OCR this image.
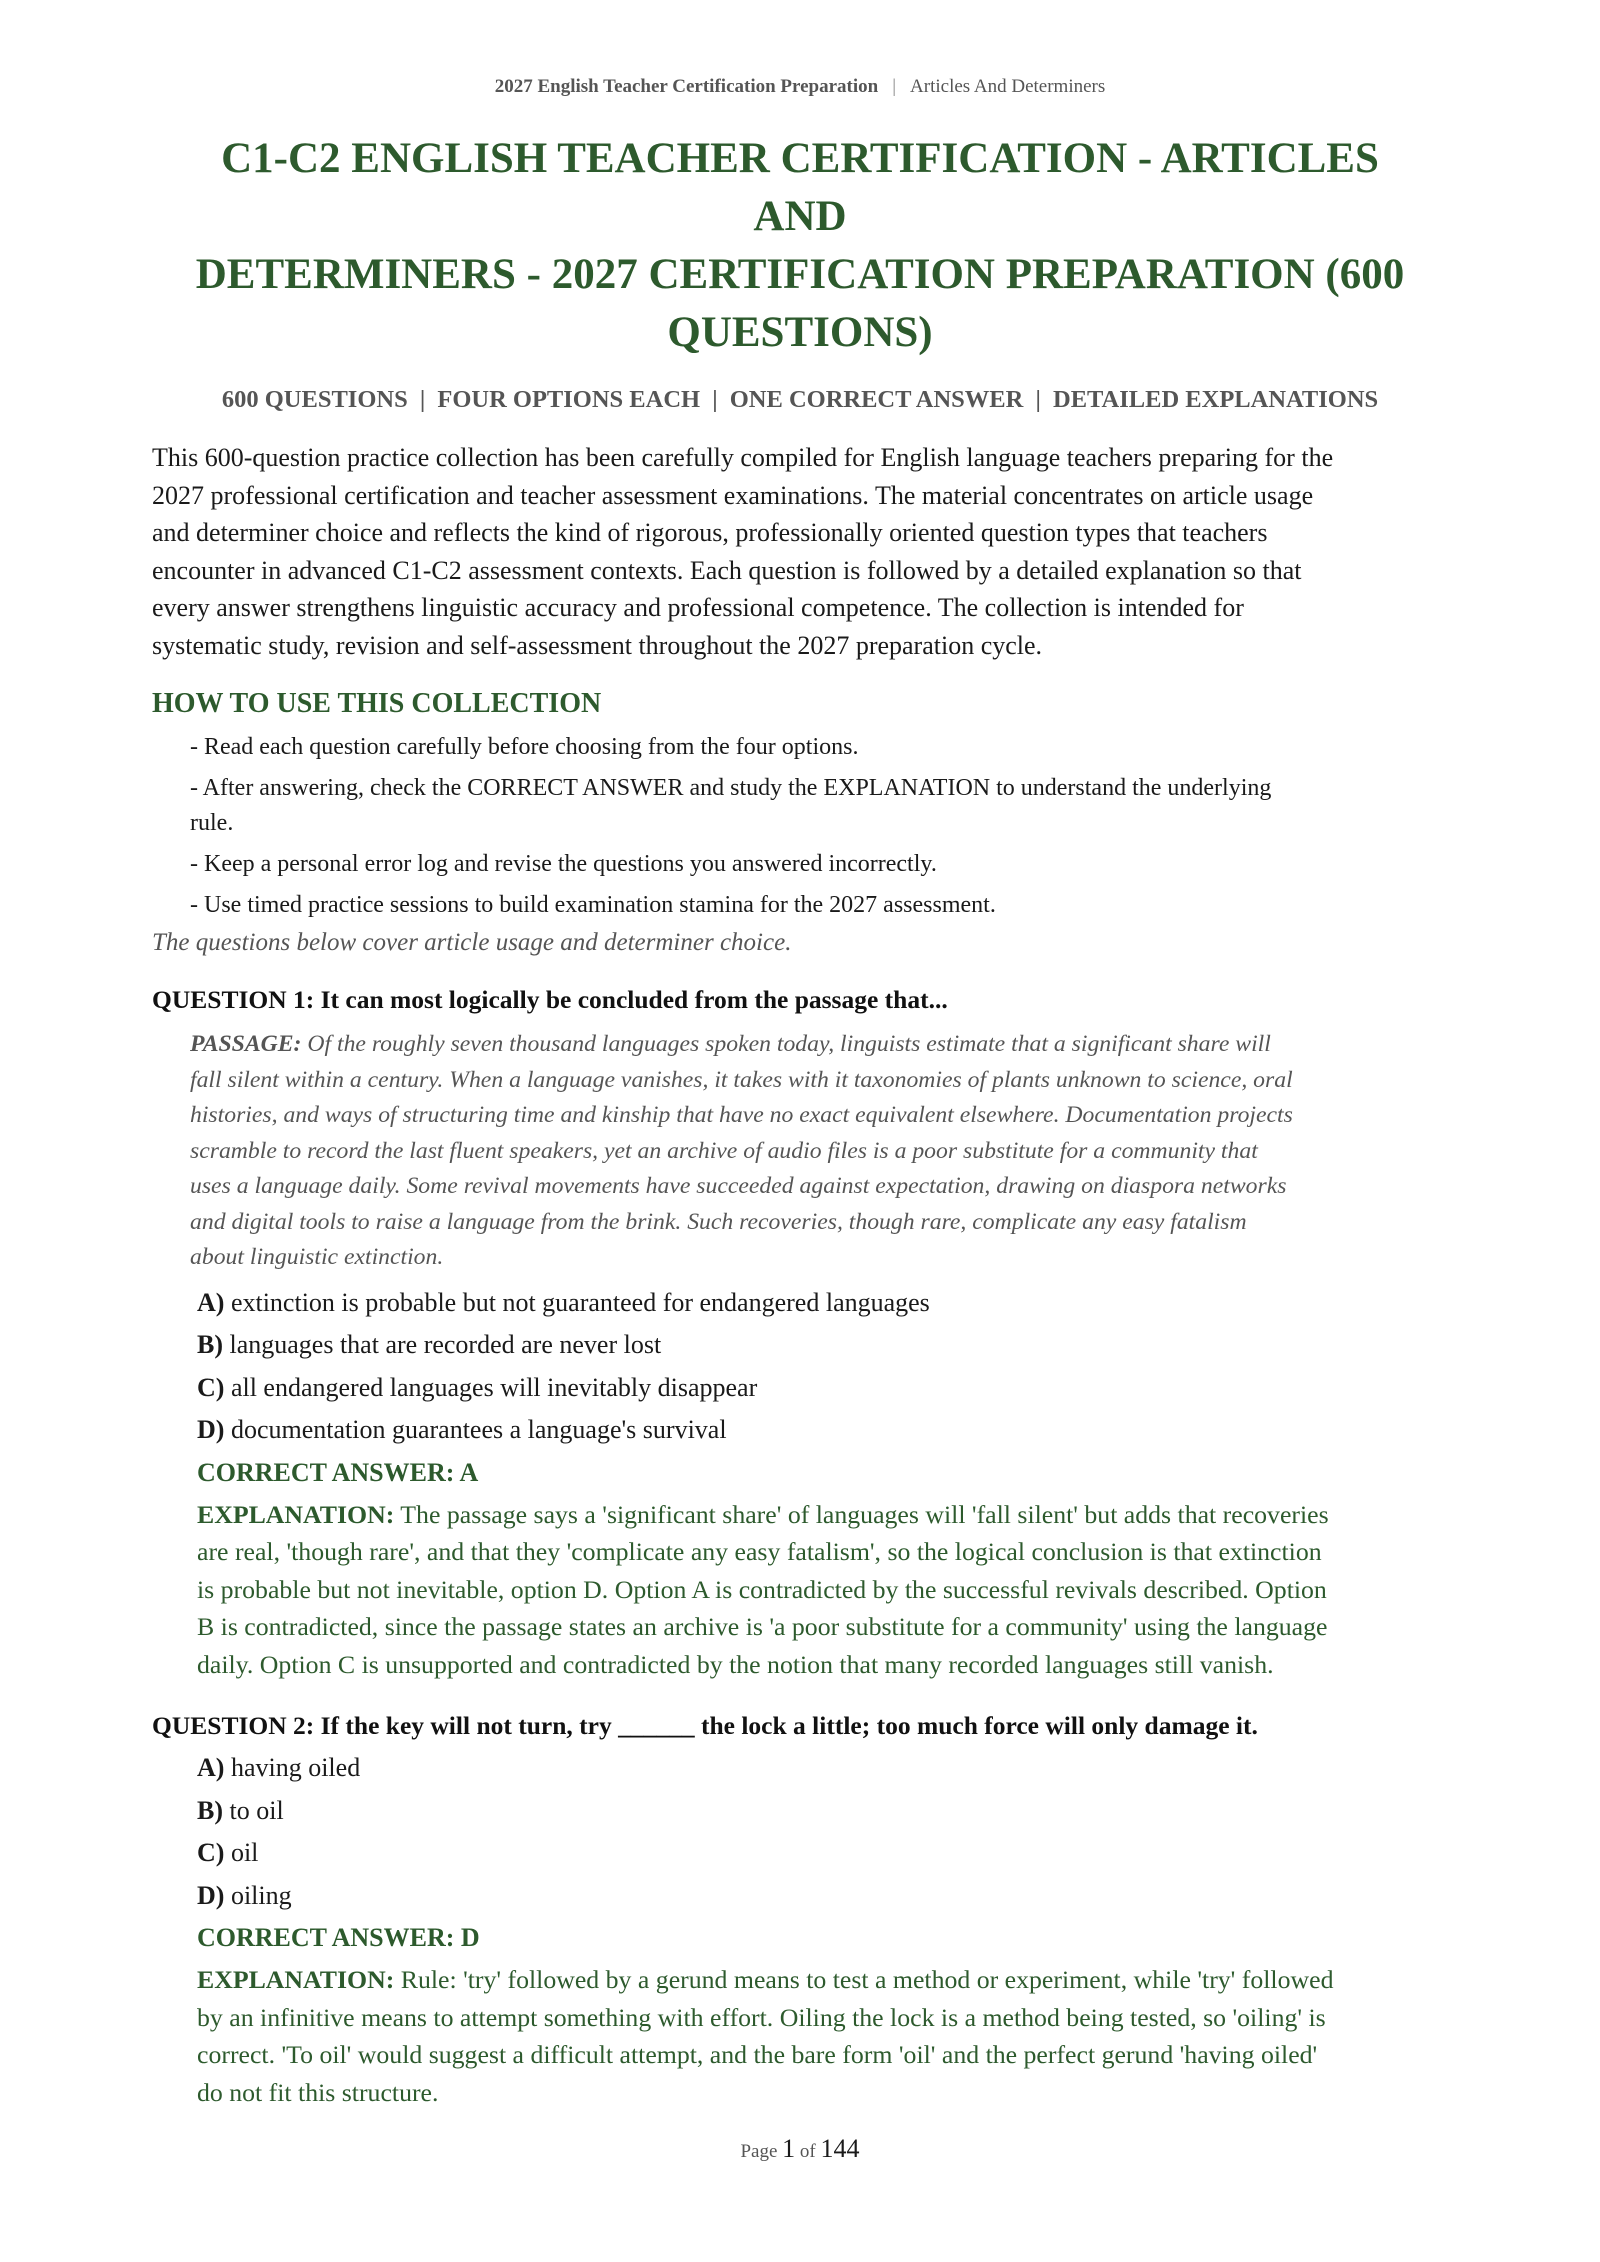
2027 English Teacher Certification Preparation | Articles And Determiners
C1-C2 ENGLISH TEACHER CERTIFICATION - ARTICLES AND
DETERMINERS - 2027 CERTIFICATION PREPARATION (600
QUESTIONS)
600 QUESTIONS | FOUR OPTIONS EACH | ONE CORRECT ANSWER | DETAILED EXPLANATIONS
This 600-question practice collection has been carefully compiled for English language teachers preparing for the
2027 professional certification and teacher assessment examinations. The material concentrates on article usage
and determiner choice and reflects the kind of rigorous, professionally oriented question types that teachers
encounter in advanced C1-C2 assessment contexts. Each question is followed by a detailed explanation so that
every answer strengthens linguistic accuracy and professional competence. The collection is intended for
systematic study, revision and self-assessment throughout the 2027 preparation cycle.
HOW TO USE THIS COLLECTION
- Read each question carefully before choosing from the four options.
- After answering, check the CORRECT ANSWER and study the EXPLANATION to understand the underlying
rule.
- Keep a personal error log and revise the questions you answered incorrectly.
- Use timed practice sessions to build examination stamina for the 2027 assessment.
The questions below cover article usage and determiner choice.
QUESTION 1: It can most logically be concluded from the passage that...
PASSAGE: Of the roughly seven thousand languages spoken today, linguists estimate that a significant share will
fall silent within a century. When a language vanishes, it takes with it taxonomies of plants unknown to science, oral
histories, and ways of structuring time and kinship that have no exact equivalent elsewhere. Documentation projects
scramble to record the last fluent speakers, yet an archive of audio files is a poor substitute for a community that
uses a language daily. Some revival movements have succeeded against expectation, drawing on diaspora networks
and digital tools to raise a language from the brink. Such recoveries, though rare, complicate any easy fatalism
about linguistic extinction.
A) extinction is probable but not guaranteed for endangered languages
B) languages that are recorded are never lost
C) all endangered languages will inevitably disappear
D) documentation guarantees a language's survival
CORRECT ANSWER: A
EXPLANATION: The passage says a 'significant share' of languages will 'fall silent' but adds that recoveries
are real, 'though rare', and that they 'complicate any easy fatalism', so the logical conclusion is that extinction
is probable but not inevitable, option D. Option A is contradicted by the successful revivals described. Option
B is contradicted, since the passage states an archive is 'a poor substitute for a community' using the language
daily. Option C is unsupported and contradicted by the notion that many recorded languages still vanish.
QUESTION 2: If the key will not turn, try ______ the lock a little; too much force will only damage it.
A) having oiled
B) to oil
C) oil
D) oiling
CORRECT ANSWER: D
EXPLANATION: Rule: 'try' followed by a gerund means to test a method or experiment, while 'try' followed
by an infinitive means to attempt something with effort. Oiling the lock is a method being tested, so 'oiling' is
correct. 'To oil' would suggest a difficult attempt, and the bare form 'oil' and the perfect gerund 'having oiled'
do not fit this structure.
Page 1 of 144
